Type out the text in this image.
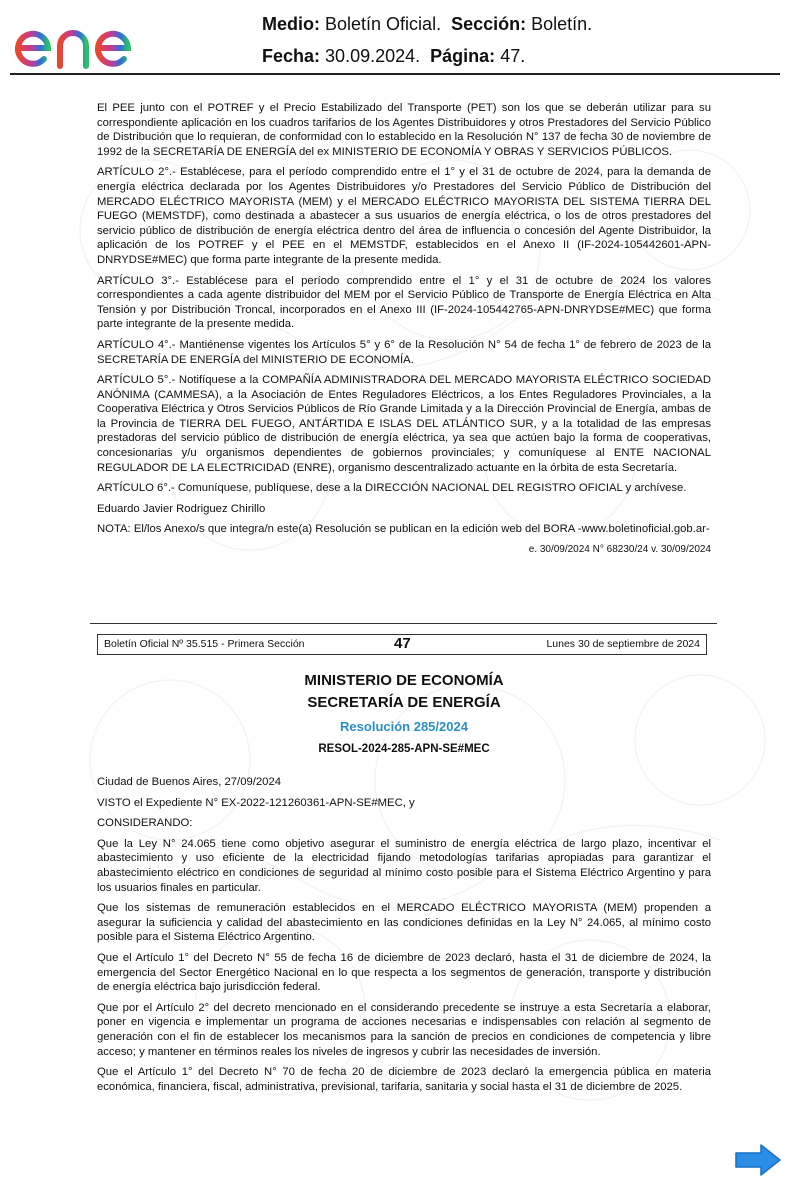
Medio: Boletín Oficial. Sección: Boletín.
Fecha: 30.09.2024. Página: 47.

El PEE junto con el POTREF y el Precio Estabilizado del Transporte (PET) son los que se deberán utilizar para su correspondiente aplicación en los cuadros tarifarios de los Agentes Distribuidores y otros Prestadores del Servicio Público de Distribución que lo requieran, de conformidad con lo establecido en la Resolución N° 137 de fecha 30 de noviembre de 1992 de la SECRETARÍA DE ENERGÍA del ex MINISTERIO DE ECONOMÍA Y OBRAS Y SERVICIOS PÚBLICOS.

ARTÍCULO 2°.- Establécese, para el período comprendido entre el 1° y el 31 de octubre de 2024, para la demanda de energía eléctrica declarada por los Agentes Distribuidores y/o Prestadores del Servicio Público de Distribución del MERCADO ELÉCTRICO MAYORISTA (MEM) y el MERCADO ELÉCTRICO MAYORISTA DEL SISTEMA TIERRA DEL FUEGO (MEMSTDF), como destinada a abastecer a sus usuarios de energía eléctrica, o los de otros prestadores del servicio público de distribución de energía eléctrica dentro del área de influencia o concesión del Agente Distribuidor, la aplicación de los POTREF y el PEE en el MEMSTDF, establecidos en el Anexo II (IF-2024-105442601-APN-DNRYDSE#MEC) que forma parte integrante de la presente medida.

ARTÍCULO 3°.- Establécese para el período comprendido entre el 1° y el 31 de octubre de 2024 los valores correspondientes a cada agente distribuidor del MEM por el Servicio Público de Transporte de Energía Eléctrica en Alta Tensión y por Distribución Troncal, incorporados en el Anexo III (IF-2024-105442765-APN-DNRYDSE#MEC) que forma parte integrante de la presente medida.

ARTÍCULO 4°.- Mantiénense vigentes los Artículos 5° y 6° de la Resolución N° 54 de fecha 1° de febrero de 2023 de la SECRETARÍA DE ENERGÍA del MINISTERIO DE ECONOMÍA.

ARTÍCULO 5°.- Notifíquese a la COMPAÑÍA ADMINISTRADORA DEL MERCADO MAYORISTA ELÉCTRICO SOCIEDAD ANÓNIMA (CAMMESA), a la Asociación de Entes Reguladores Eléctricos, a los Entes Reguladores Provinciales, a la Cooperativa Eléctrica y Otros Servicios Públicos de Río Grande Limitada y a la Dirección Provincial de Energía, ambas de la Provincia de TIERRA DEL FUEGO, ANTÁRTIDA E ISLAS DEL ATLÁNTICO SUR, y a la totalidad de las empresas prestadoras del servicio público de distribución de energía eléctrica, ya sea que actúen bajo la forma de cooperativas, concesionarias y/u organismos dependientes de gobiernos provinciales; y comuníquese al ENTE NACIONAL REGULADOR DE LA ELECTRICIDAD (ENRE), organismo descentralizado actuante en la órbita de esta Secretaría.

ARTÍCULO 6°.- Comuníquese, publíquese, dese a la DIRECCIÓN NACIONAL DEL REGISTRO OFICIAL y archívese.

Eduardo Javier Rodriguez Chirillo

NOTA: El/los Anexo/s que integra/n este(a) Resolución se publican en la edición web del BORA -www.boletinoficial.gob.ar-

e. 30/09/2024 N° 68230/24 v. 30/09/2024
Boletín Oficial Nº 35.515 - Primera Sección	47	Lunes 30 de septiembre de 2024
MINISTERIO DE ECONOMÍA
SECRETARÍA DE ENERGÍA
Resolución 285/2024
RESOL-2024-285-APN-SE#MEC

Ciudad de Buenos Aires, 27/09/2024

VISTO el Expediente N° EX-2022-121260361-APN-SE#MEC, y

CONSIDERANDO:

Que la Ley N° 24.065 tiene como objetivo asegurar el suministro de energía eléctrica de largo plazo, incentivar el abastecimiento y uso eficiente de la electricidad fijando metodologías tarifarias apropiadas para garantizar el abastecimiento eléctrico en condiciones de seguridad al mínimo costo posible para el Sistema Eléctrico Argentino y para los usuarios finales en particular.

Que los sistemas de remuneración establecidos en el MERCADO ELÉCTRICO MAYORISTA (MEM) propenden a asegurar la suficiencia y calidad del abastecimiento en las condiciones definidas en la Ley N° 24.065, al mínimo costo posible para el Sistema Eléctrico Argentino.

Que el Artículo 1° del Decreto N° 55 de fecha 16 de diciembre de 2023 declaró, hasta el 31 de diciembre de 2024, la emergencia del Sector Energético Nacional en lo que respecta a los segmentos de generación, transporte y distribución de energía eléctrica bajo jurisdicción federal.

Que por el Artículo 2° del decreto mencionado en el considerando precedente se instruye a esta Secretaría a elaborar, poner en vigencia e implementar un programa de acciones necesarias e indispensables con relación al segmento de generación con el fin de establecer los mecanismos para la sanción de precios en condiciones de competencia y libre acceso; y mantener en términos reales los niveles de ingresos y cubrir las necesidades de inversión.

Que el Artículo 1° del Decreto N° 70 de fecha 20 de diciembre de 2023 declaró la emergencia pública en materia económica, financiera, fiscal, administrativa, previsional, tarifaria, sanitaria y social hasta el 31 de diciembre de 2025.
